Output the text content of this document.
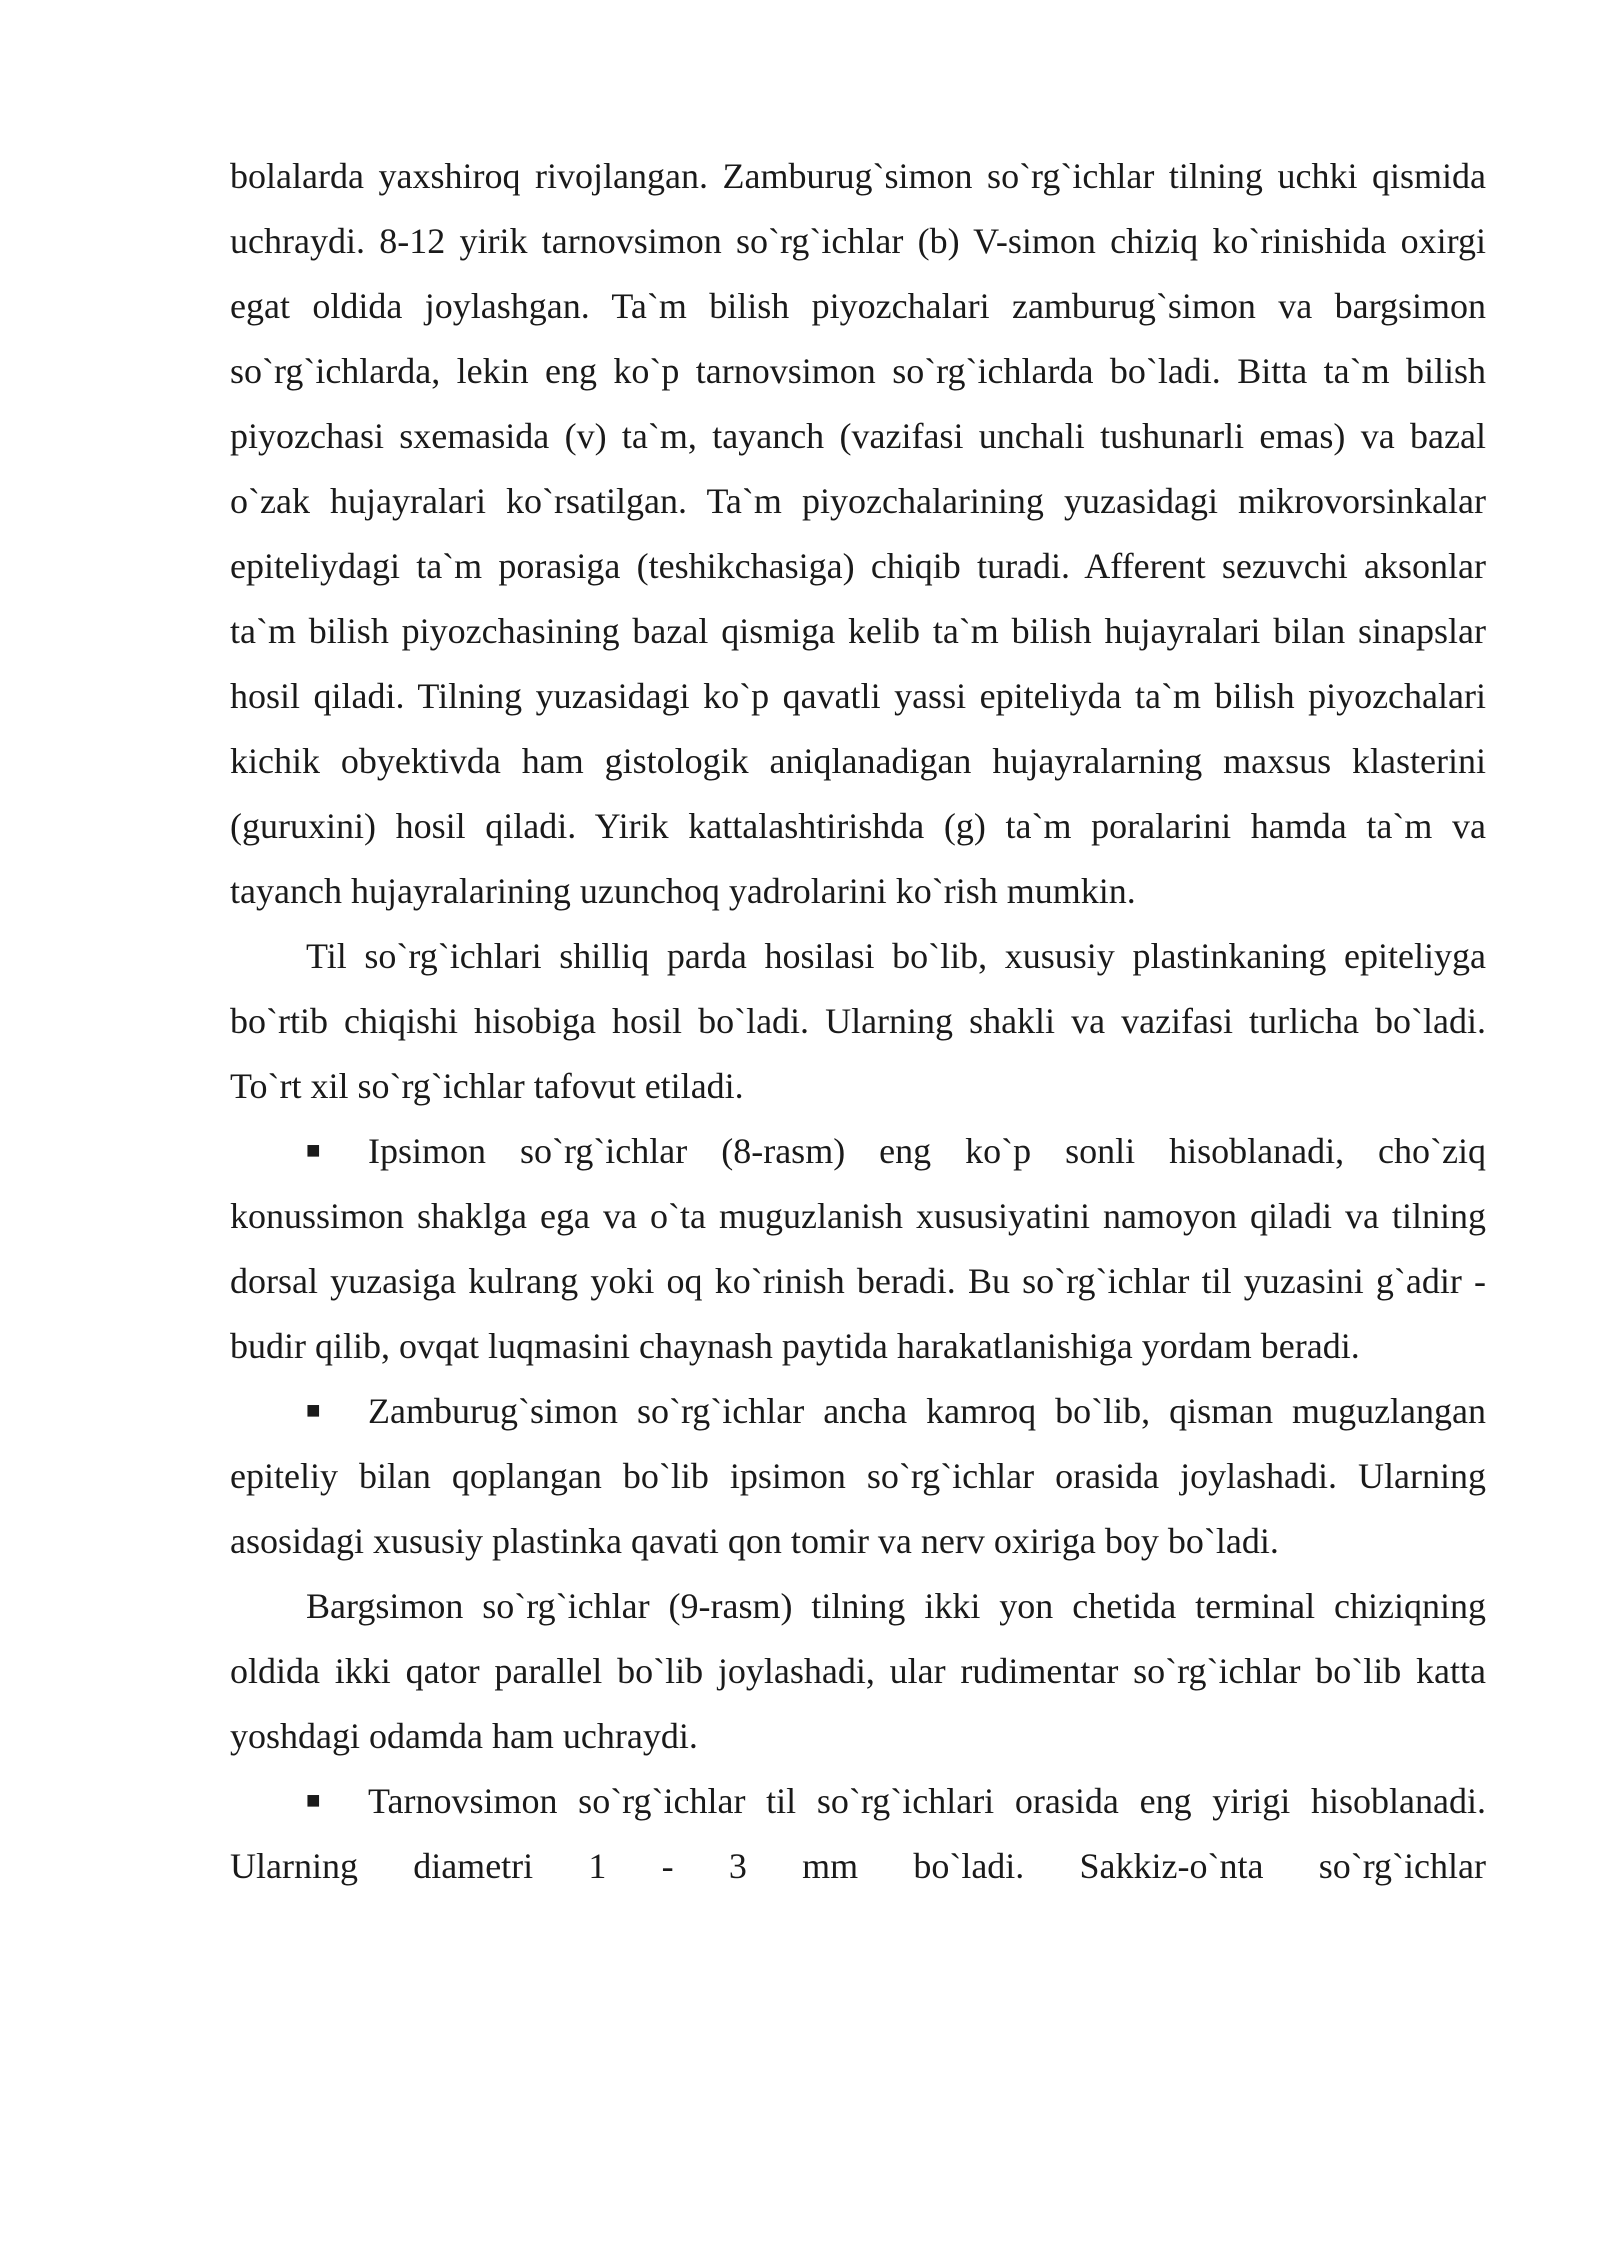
bolalarda yaxshiroq rivojlangan. Zamburug`simon so`rg`ichlar tilning uchki qismida uchraydi. 8-12 yirik tarnovsimon so`rg`ichlar (b) V-simon chiziq ko`rinishida oxirgi egat oldida joylashgan. Ta`m bilish piyozchalari zamburug`simon va bargsimon so`rg`ichlarda, lekin eng ko`p tarnovsimon so`rg`ichlarda bo`ladi. Bitta ta`m bilish piyozchasi sxemasida (v) ta`m, tayanch (vazifasi unchali tushunarli emas) va bazal o`zak hujayralari ko`rsatilgan. Ta`m piyozchalarining yuzasidagi mikrovorsinkalar epiteliydagi ta`m porasiga (teshikchasiga) chiqib turadi. Afferent sezuvchi aksonlar ta`m bilish piyozchasining bazal qismiga kelib ta`m bilish hujayralari bilan sinapslar hosil qiladi. Tilning yuzasidagi ko`p qavatli yassi epiteliyda ta`m bilish piyozchalari kichik obyektivda ham gistologik aniqlanadigan hujayralarning maxsus klasterini (guruxini) hosil qiladi. Yirik kattalashtirishda (g) ta`m poralarini hamda ta`m va tayanch hujayralarining uzunchoq yadrolarini ko`rish mumkin.

Til so`rg`ichlari shilliq parda hosilasi bo`lib, xususiy plastinkaning epiteliyga bo`rtib chiqishi hisobiga hosil bo`ladi. Ularning shakli va vazifasi turlicha bo`ladi. To`rt xil so`rg`ichlar tafovut etiladi.

■ Ipsimon so`rg`ichlar (8-rasm) eng ko`p sonli hisoblanadi, cho`ziq konussimon shaklga ega va o`ta muguzlanish xususiyatini namoyon qiladi va tilning dorsal yuzasiga kulrang yoki oq ko`rinish beradi. Bu so`rg`ichlar til yuzasini g`adir -budir qilib, ovqat luqmasini chaynash paytida harakatlanishiga yordam beradi.

■ Zamburug`simon so`rg`ichlar ancha kamroq bo`lib, qisman muguzlangan epiteliy bilan qoplangan bo`lib ipsimon so`rg`ichlar orasida joylashadi. Ularning asosidagi xususiy plastinka qavati qon tomir va nerv oxiriga boy bo`ladi.

Bargsimon so`rg`ichlar (9-rasm) tilning ikki yon chetida terminal chiziqning oldida ikki qator parallel bo`lib joylashadi, ular rudimentar so`rg`ichlar bo`lib katta yoshdagi odamda ham uchraydi.

■ Tarnovsimon so`rg`ichlar til so`rg`ichlari orasida eng yirigi hisoblanadi. Ularning diametri 1 - 3 mm bo`ladi. Sakkiz-o`nta so`rg`ichlar
